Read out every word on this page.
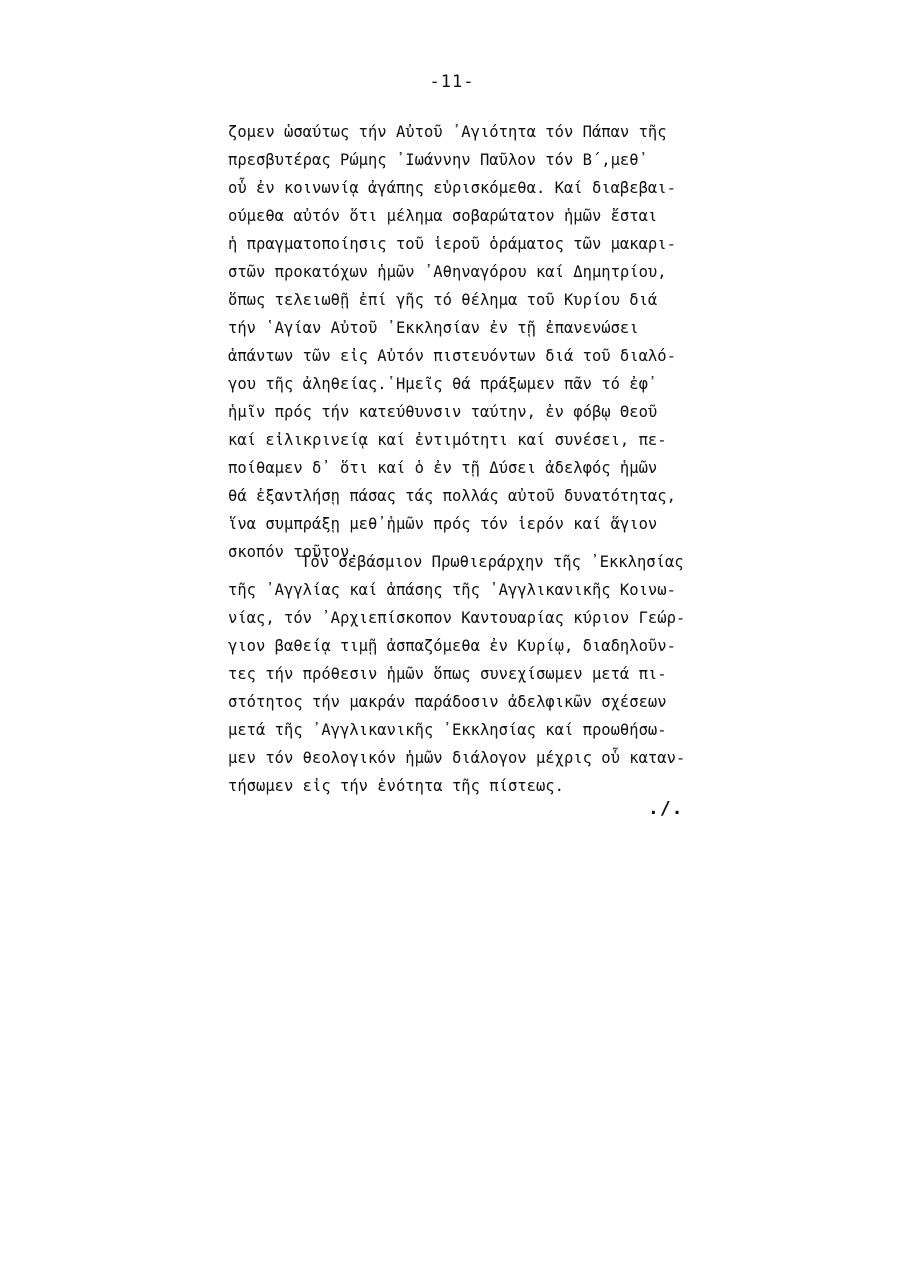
-11-
ζομεν ὡσαύτως τήν Αὐτοῦ ᾿Αγιότητα τόν Πάπαν τῆς
πρεσβυτέρας Ρώμης ᾿Ιωάννην Παῦλον τόν Β΄,μεθ᾿
οὗ ἐν κοινωνίᾳ ἀγάπης εὑρισκόμεθα. Καί διαβεβαι-
ούμεθα αὐτόν ὅτι μέλημα σοβαρώτατον ἡμῶν ἔσται
ἡ πραγματοποίησις τοῦ ἱεροῦ ὁράματος τῶν μακαρι-
στῶν προκατόχων ἡμῶν ᾿Αθηναγόρου καί Δημητρίου,
ὅπως τελειωθῇ ἐπί γῆς τό θέλημα τοῦ Κυρίου διά
τήν ῾Αγίαν Αὐτοῦ ᾿Εκκλησίαν ἐν τῇ ἐπανενώσει
ἁπάντων τῶν εἰς Αὐτόν πιστευόντων διά τοῦ διαλό-
γου τῆς ἀληθείας.῾Ημεῖς θά πράξωμεν πᾶν τό ἐφ᾿
ἡμῖν πρός τήν κατεύθυνσιν ταύτην, ἐν φόβῳ Θεοῦ
καί εἰλικρινείᾳ καί ἐντιμότητι καί συνέσει, πε-
ποίθαμεν δ᾿ ὅτι καί ὁ ἐν τῇ Δύσει ἀδελφός ἡμῶν
θά ἐξαντλήσῃ πάσας τάς πολλάς αὐτοῦ δυνατότητας,
ἵνα συμπράξῃ μεθ᾿ἡμῶν πρός τόν ἱερόν καί ἅγιον
σκοπόν τοῦτον.
Τόν σεβάσμιον Πρωθιεράρχην τῆς ᾿Εκκλησίας
τῆς ᾿Αγγλίας καί ἁπάσης τῆς ᾿Αγγλικανικῆς Κοινω-
νίας, τόν ᾿Αρχιεπίσκοπον Καντουαρίας κύριον Γεώρ-
γιον βαθείᾳ τιμῇ ἀσπαζόμεθα ἐν Κυρίῳ, διαδηλοῦν-
τες τήν πρόθεσιν ἡμῶν ὅπως συνεχίσωμεν μετά πι-
στότητος τήν μακράν παράδοσιν ἀδελφικῶν σχέσεων
μετά τῆς ᾿Αγγλικανικῆς ᾿Εκκλησίας καί προωθήσω-
μεν τόν θεολογικόν ἡμῶν διάλογον μέχρις οὗ καταν-
τήσωμεν εἰς τήν ἑνότητα τῆς πίστεως.
./.
